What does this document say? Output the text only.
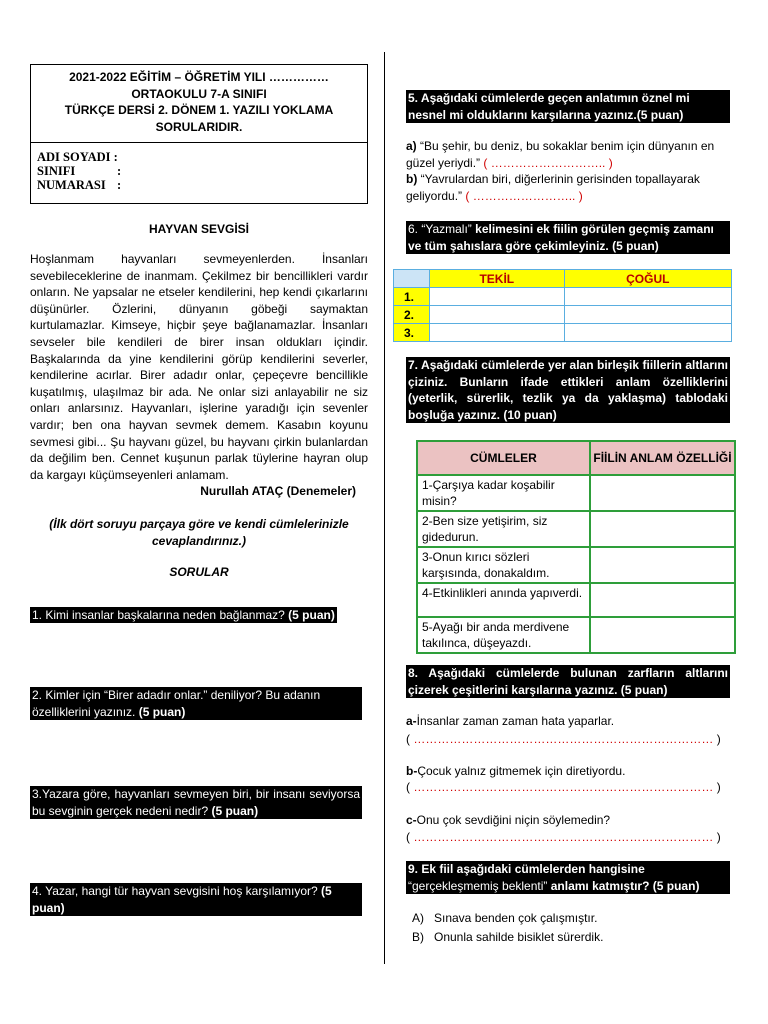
2021-2022 EĞİTİM – ÖĞRETİM YILI ……………
ORTAOKULU 7-A SINIFI
TÜRKÇE DERSİ 2. DÖNEM 1. YAZILI YOKLAMA
SORULARIDIR.
ADI SOYADI :
SINIFI	:
NUMARASI :
HAYVAN SEVGİSİ
Hoşlanmam hayvanları sevmeyenlerden. İnsanları sevebileceklerine de inanmam. Çekilmez bir bencillikleri vardır onların. Ne yapsalar ne etseler kendilerini, hep kendi çıkarlarını düşünürler. Özlerini, dünyanın göbeği saymaktan kurtulamazlar. Kimseye, hiçbir şeye bağlanamazlar. İnsanları sevseler bile kendileri de birer insan oldukları içindir. Başkalarında da yine kendilerini görüp kendilerini severler, kendilerine acırlar. Birer adadır onlar, çepeçevre bencillikle kuşatılmış, ulaşılmaz bir ada. Ne onlar sizi anlayabilir ne siz onları anlarsınız. Hayvanları, işlerine yaradığı için sevenler vardır; ben ona hayvan sevmek demem. Kasabın koyunu sevmesi gibi... Şu hayvanı güzel, bu hayvanı çirkin bulanlardan da değilim ben. Cennet kuşunun parlak tüylerine hayran olup da kargayı küçümseyenleri anlamam.
Nurullah ATAÇ (Denemeler)
(İlk dört soruyu parçaya göre ve kendi cümlelerinizle cevaplandırınız.)
SORULAR
1. Kimi insanlar başkalarına neden bağlanmaz? (5 puan)
2. Kimler için “Birer adadır onlar.” deniliyor? Bu adanın özelliklerini yazınız. (5 puan)
3.Yazara göre, hayvanları sevmeyen biri, bir insanı seviyorsa bu sevginin gerçek nedeni nedir? (5 puan)
4. Yazar, hangi tür hayvan sevgisini hoş karşılamıyor? (5 puan)
5. Aşağıdaki cümlelerde geçen anlatımın öznel mi nesnel mi olduklarını karşılarına yazınız.(5 puan)
a) “Bu şehir, bu deniz, bu sokaklar benim için dünyanın en güzel yeriydi.” ( ……………………….. )
b) “Yavrulardan biri, diğerlerinin gerisinden topallayarak geliyordu.” ( …………………….. )
6. “Yazmalı” kelimesini ek fiilin görülen geçmiş zamanı ve tüm şahıslara göre çekimleyiniz. (5 puan)
	TEKİL	ÇOĞUL
1.		
2.		
3.		
7. Aşağıdaki cümlelerde yer alan birleşik fiillerin altlarını çiziniz. Bunların ifade ettikleri anlam özelliklerini (yeterlik, sürerlik, tezlik ya da yaklaşma) tablodaki boşluğa yazınız. (10 puan)
CÜMLELER	FİİLİN ANLAM ÖZELLİĞİ
1-Çarşıya kadar koşabilir misin?	
2-Ben size yetişirim, siz gidedurun.	
3-Onun kırıcı sözleri karşısında, donakaldım.	
4-Etkinlikleri anında yapıverdi.	
5-Ayağı bir anda merdivene takılınca, düşeyazdı.	
8. Aşağıdaki cümlelerde bulunan zarfların altlarını çizerek çeşitlerini karşılarına yazınız. (5 puan)
a-İnsanlar zaman zaman hata yaparlar.
( ………………………………………………………………… )
b-Çocuk yalnız gitmemek için diretiyordu.
( ………………………………………………………………… )
c-Onu çok sevdiğini niçin söylemedin?
( ………………………………………………………………… )
9. Ek fiil aşağıdaki cümlelerden hangisine
“gerçekleşmemiş beklenti” anlamı katmıştır? (5 puan)
A) Sınava benden çok çalışmıştır.
B) Onunla sahilde bisiklet sürerdik.
